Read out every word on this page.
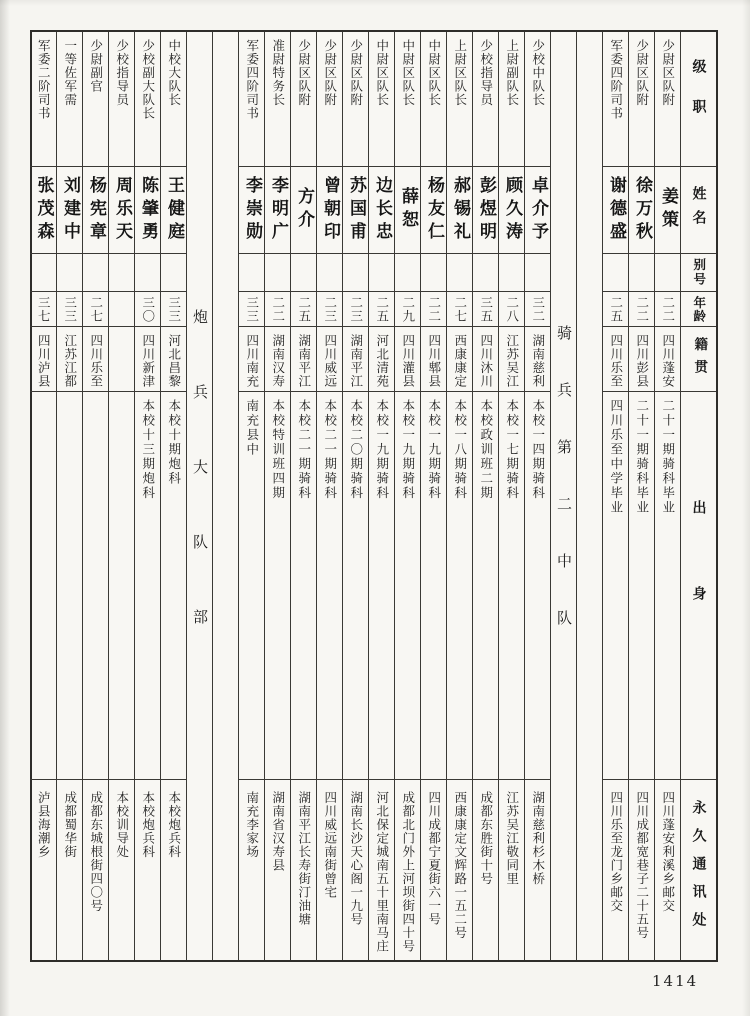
级职
姓名
别号
年龄
籍贯
出身
永久通讯处
少尉区队附
姜策
二二
四川蓬安
二十一期骑科毕业
四川蓬安利溪乡邮交
少尉区队附
徐万秋
二二
四川彭县
二十一期骑科毕业
四川成都宽巷子二十五号
军委四阶司书
谢德盛
二五
四川乐至
四川乐至中学毕业
四川乐至龙门乡邮交
骑兵第二中队
少校中队长
卓介予
三二
湖南慈利
本校一四期骑科
湖南慈利杉木桥
上尉副队长
顾久涛
二八
江苏吴江
本校一七期骑科
江苏吴江敬同里
少校指导员
彭煜明
三五
四川沐川
本校政训班二期
成都东胜街十号
上尉区队长
郝锡礼
二七
西康康定
本校一八期骑科
西康康定文辉路一五二号
中尉区队长
杨友仁
二二
四川郫县
本校一九期骑科
四川成都宁夏街六一号
中尉区队长
薛恕
二九
四川灌县
本校一九期骑科
成都北门外上河坝街四十号
中尉区队长
边长忠
二五
河北清苑
本校一九期骑科
河北保定城南五十里南马庄
少尉区队附
苏国甫
二三
湖南平江
本校二〇期骑科
湖南长沙天心阁一九号
少尉区队附
曾朝印
二三
四川威远
本校二一期骑科
四川威远南街曾宅
少尉区队附
方介
二五
湖南平江
本校二一期骑科
湖南平江长寿街汀油塘
准尉特务长
李明广
二二
湖南汉寿
本校特训班四期
湖南省汉寿县
军委四阶司书
李崇勋
三三
四川南充
南充县中
南充李家场
炮兵大队部
中校大队长
王健庭
三三
河北昌黎
本校十期炮科
本校炮兵科
少校副大队长
陈肇勇
三〇
四川新津
本校十三期炮科
本校炮兵科
少校指导员
周乐天
本校训导处
少尉副官
杨宪章
二七
四川乐至
成都东城根街四〇号
一等佐军需
刘建中
三三
江苏江都
成都蜀华街
军委二阶司书
张茂森
三七
四川泸县
泸县海潮乡
1414
